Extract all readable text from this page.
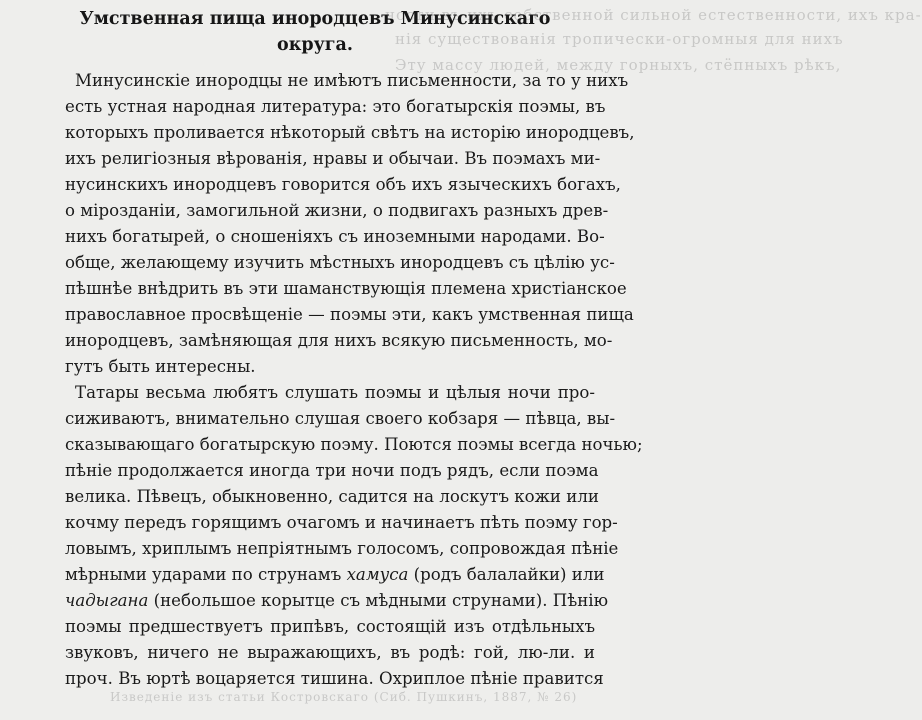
ности въ ихъ собственной сильной естественности, ихъ кра-
нія существованія тропически-огромныя для нихъ
Эту массу людей, между горныхъ, стёпныхъ рѣкъ,
Изведеніе изъ статьи Костровскаго (Сиб. Пушкинъ, 1887, № 26)
Умственная пища инородцевъ Минусинскаго
округа.
Минусинскіе инородцы не имѣютъ письменности, за то у нихъ
есть устная народная литература: это богатырскія поэмы, въ
которыхъ проливается нѣкоторый свѣтъ на исторію инородцевъ,
ихъ религіозныя вѣрованія, нравы и обычаи. Въ поэмахъ ми-
нусинскихъ инородцевъ говорится объ ихъ языческихъ богахъ,
о мірозданіи, замогильной жизни, о подвигахъ разныхъ древ-
нихъ богатырей, о сношеніяхъ съ иноземными народами. Во-
обще, желающему изучить мѣстныхъ инородцевъ съ цѣлію ус-
пѣшнѣе внѣдрить въ эти шаманствующія племена христіанское
православное просвѣщеніе — поэмы эти, какъ умственная пища
инородцевъ, замѣняющая для нихъ всякую письменность, мо-
гутъ быть интересны.
Татары весьма любятъ слушать поэмы и цѣлыя ночи про-
сиживаютъ, внимательно слушая своего кобзаря — пѣвца, вы-
сказывающаго богатырскую поэму. Поются поэмы всегда ночью;
пѣніе продолжается иногда три ночи подъ рядъ, если поэма
велика. Пѣвецъ, обыкновенно, садится на лоскутъ кожи или
кочму передъ горящимъ очагомъ и начинаетъ пѣть поэму гор-
ловымъ, хриплымъ непріятнымъ голосомъ, сопровождая пѣніе
мѣрными ударами по струнамъ хамуса (родъ балалайки) или
чадыгана (небольшое корытце съ мѣдными струнами). Пѣнію
поэмы предшествуетъ припѣвъ, состоящій изъ отдѣльныхъ
звуковъ, ничего не выражающихъ, въ родѣ: гой, лю-ли. и
проч. Въ юртѣ воцаряется тишина. Охриплое пѣніе правится
